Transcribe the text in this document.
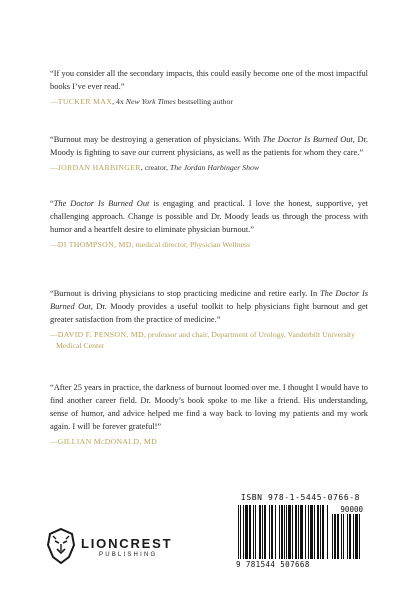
“If you consider all the secondary impacts, this could easily become one of the most impactful books I’ve ever read.”

—TUCKER MAX, 4x New York Times bestselling author

“Burnout may be destroying a generation of physicians. With The Doctor Is Burned Out, Dr. Moody is fighting to save our current physicians, as well as the patients for whom they care.”

—JORDAN HARBINGER, creator, The Jordan Harbinger Show

“The Doctor Is Burned Out is engaging and practical. I love the honest, supportive, yet challenging approach. Change is possible and Dr. Moody leads us through the process with humor and a heartfelt desire to eliminate physician burnout.”

—DI THOMPSON, MD, medical director, Physician Wellness

“Burnout is driving physicians to stop practicing medicine and retire early. In The Doctor Is Burned Out, Dr. Moody provides a useful toolkit to help physicians fight burnout and get greater satisfaction from the practice of medicine.”

—DAVID F. PENSON, MD, professor and chair, Department of Urology, Vanderbilt University Medical Center

“After 25 years in practice, the darkness of burnout loomed over me. I thought I would have to find another career field. Dr. Moody’s book spoke to me like a friend. His understanding, sense of humor, and advice helped me find a way back to loving my patients and my work again. I will be forever grateful!”

—GILLIAN McDONALD, MD
LIONCREST
PUBLISHING
ISBN 978-1-5445-0766-8
90000
9 781544 507668
